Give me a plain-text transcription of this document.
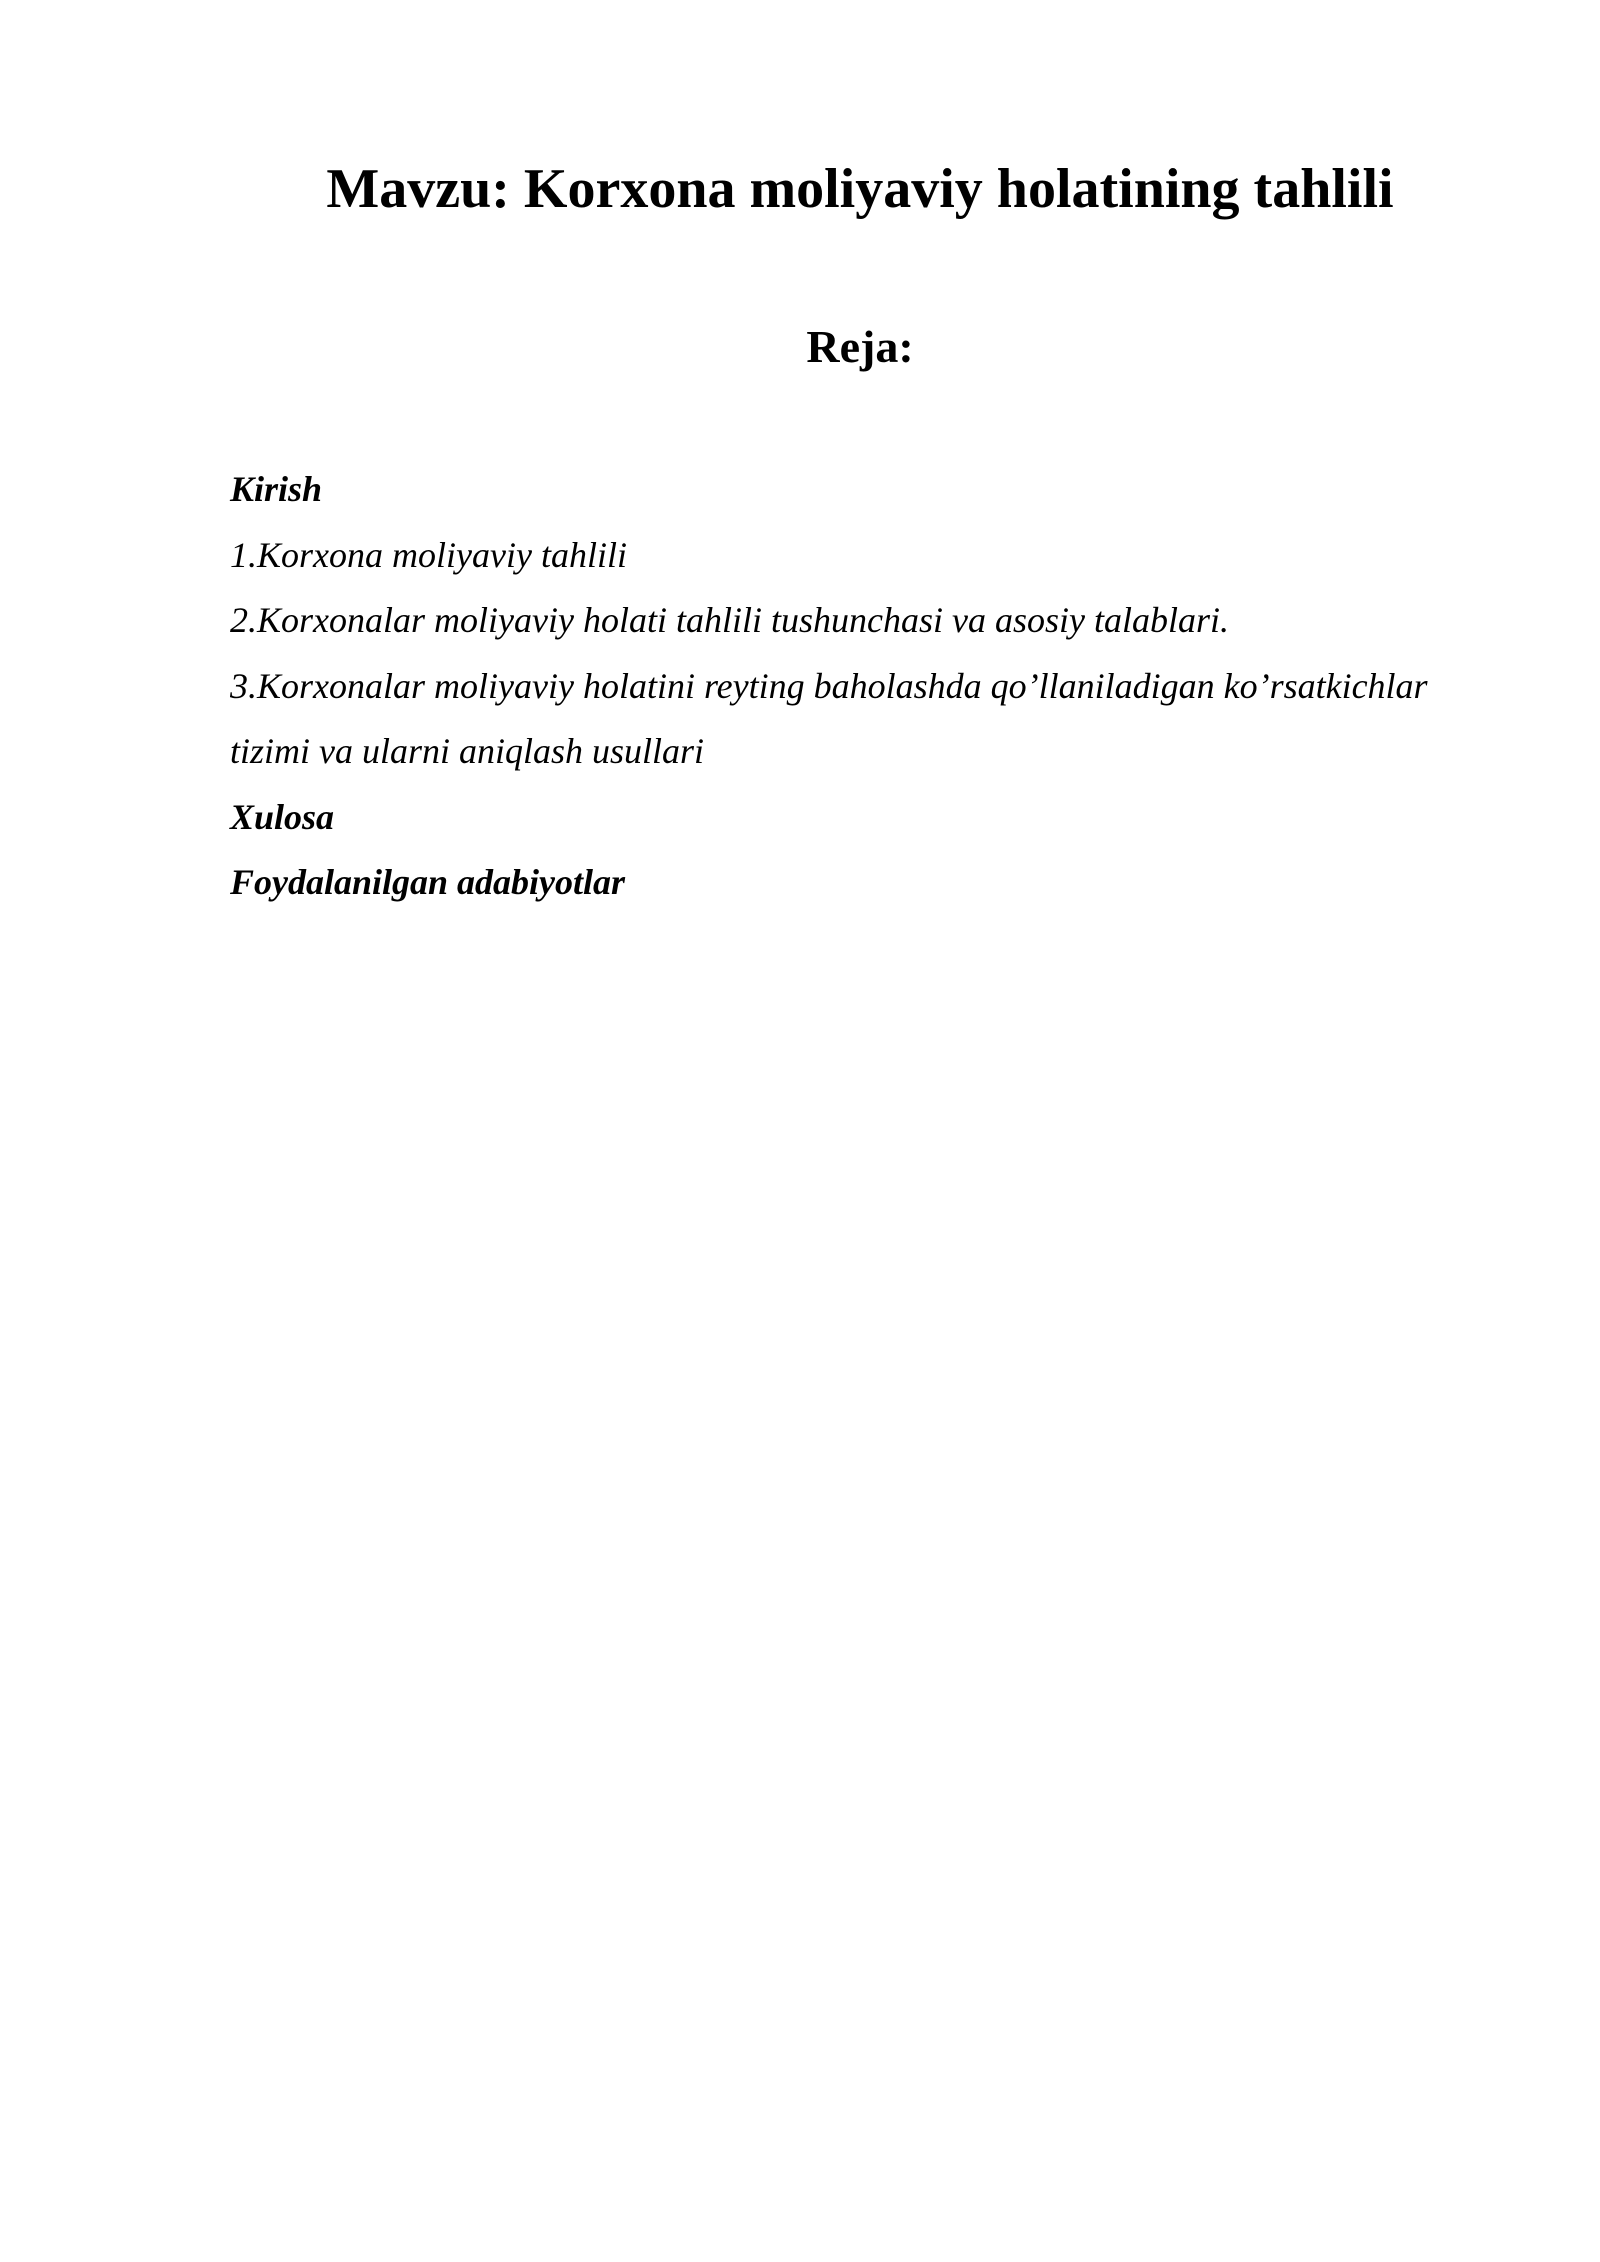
Mavzu: Korxona moliyaviy holatining tahlili
Reja:
Kirish
1.Korxona moliyaviy tahlili
2.Korxonalar moliyaviy holati tahlili tushunchasi va asosiy talablari.
3.Korxonalar moliyaviy holatini reyting baholashda qo’llaniladigan ko’rsatkichlar
tizimi va ularni aniqlash usullari
Xulosa
Foydalanilgan adabiyotlar
